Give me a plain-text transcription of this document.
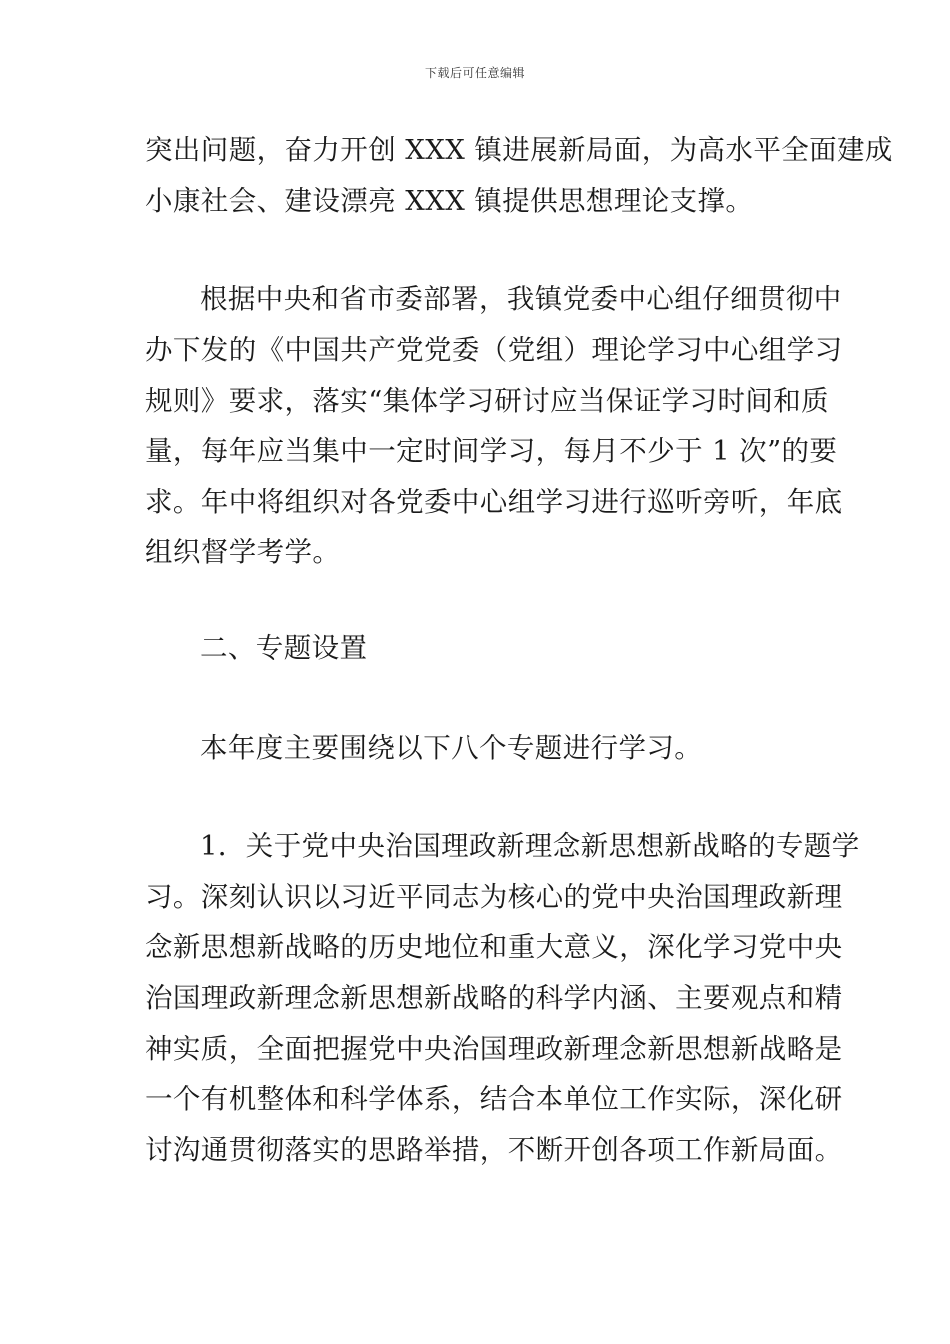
下载后可任意编辑
突出问题，奋力开创 XXX 镇进展新局面，为高水平全面建成
小康社会、建设漂亮 XXX 镇提供思想理论支撑。
根据中央和省市委部署，我镇党委中心组仔细贯彻中
办下发的《中国共产党党委（党组）理论学习中心组学习
规则》要求，落实“集体学习研讨应当保证学习时间和质
量，每年应当集中一定时间学习，每月不少于 1 次”的要
求。年中将组织对各党委中心组学习进行巡听旁听，年底
组织督学考学。
二、专题设置
本年度主要围绕以下八个专题进行学习。
1．关于党中央治国理政新理念新思想新战略的专题学
习。深刻认识以习近平同志为核心的党中央治国理政新理
念新思想新战略的历史地位和重大意义，深化学习党中央
治国理政新理念新思想新战略的科学内涵、主要观点和精
神实质，全面把握党中央治国理政新理念新思想新战略是
一个有机整体和科学体系，结合本单位工作实际，深化研
讨沟通贯彻落实的思路举措，不断开创各项工作新局面。
